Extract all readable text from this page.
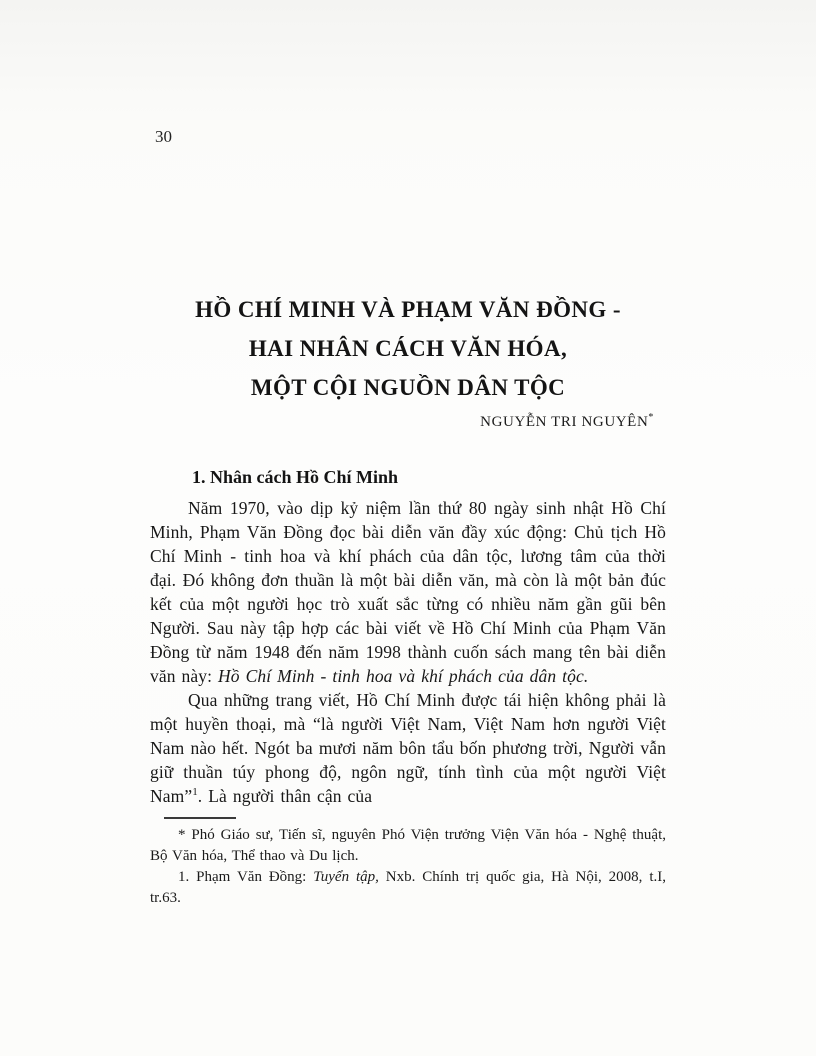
30
HỒ CHÍ MINH VÀ PHẠM VĂN ĐỒNG -
HAI NHÂN CÁCH VĂN HÓA,
MỘT CỘI NGUỒN DÂN TỘC
NGUYỄN TRI NGUYÊN*
1. Nhân cách Hồ Chí Minh

Năm 1970, vào dịp kỷ niệm lần thứ 80 ngày sinh nhật Hồ Chí Minh, Phạm Văn Đồng đọc bài diễn văn đầy xúc động: Chủ tịch Hồ Chí Minh - tinh hoa và khí phách của dân tộc, lương tâm của thời đại. Đó không đơn thuần là một bài diễn văn, mà còn là một bản đúc kết của một người học trò xuất sắc từng có nhiều năm gần gũi bên Người. Sau này tập hợp các bài viết về Hồ Chí Minh của Phạm Văn Đồng từ năm 1948 đến năm 1998 thành cuốn sách mang tên bài diễn văn này: Hồ Chí Minh - tinh hoa và khí phách của dân tộc.

Qua những trang viết, Hồ Chí Minh được tái hiện không phải là một huyền thoại, mà “là người Việt Nam, Việt Nam hơn người Việt Nam nào hết. Ngót ba mươi năm bôn tẩu bốn phương trời, Người vẫn giữ thuần túy phong độ, ngôn ngữ, tính tình của một người Việt Nam”$^1$. Là người thân cận của

* Phó Giáo sư, Tiến sĩ, nguyên Phó Viện trưởng Viện Văn hóa - Nghệ thuật, Bộ Văn hóa, Thể thao và Du lịch.

1. Phạm Văn Đồng: Tuyển tập, Nxb. Chính trị quốc gia, Hà Nội, 2008, t.I, tr.63.
